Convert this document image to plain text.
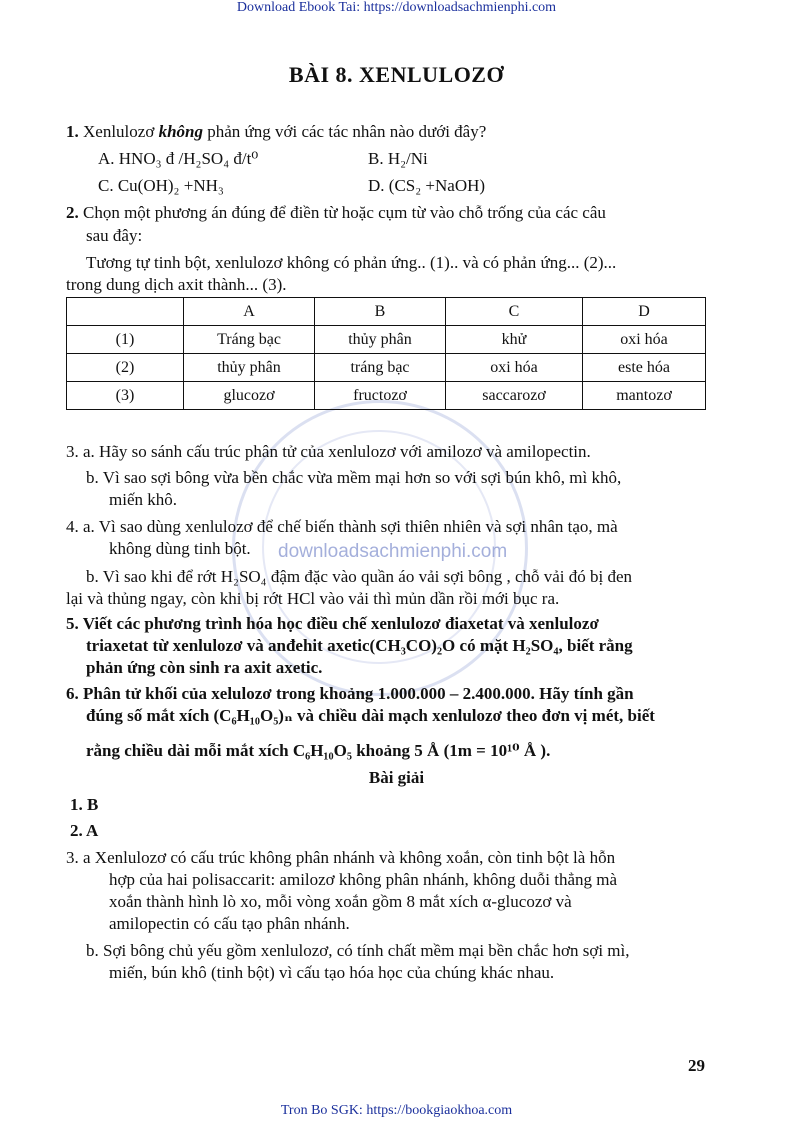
Download Ebook Tai: https://downloadsachmienphi.com
downloadsachmienphi.com
BÀI 8. XENLULOZƠ
1. Xenlulozơ không phản ứng với các tác nhân nào dưới đây?
A. HNO₃ đ /H₂SO₄ đ/t⁰	B. H₂/Ni
C. Cu(OH)₂ +NH₃	D. (CS₂ +NaOH)
2. Chọn một phương án đúng để điền từ hoặc cụm từ vào chỗ trống của các câu
sau đây:
Tương tự tinh bột, xenlulozơ không có phản ứng.. (1).. và có phản ứng... (2)...
trong dung dịch axit thành... (3).
	A	B	C	D
(1)	Tráng bạc	thủy phân	khử	oxi hóa
(2)	thủy phân	tráng bạc	oxi hóa	este hóa
(3)	glucozơ	fructozơ	saccarozơ	mantozơ
3. a. Hãy so sánh cấu trúc phân tử của xenlulozơ với amilozơ và amilopectin.
b. Vì sao sợi bông vừa bền chắc vừa mềm mại hơn so với sợi bún khô, mì khô,
miến khô.
4. a. Vì sao dùng xenlulozơ để chế biến thành sợi thiên nhiên và sợi nhân tạo, mà
không dùng tinh bột.
b. Vì sao khi để rớt H₂SO₄ đậm đặc vào quần áo vải sợi bông , chỗ vải đó bị đen
lại và thủng ngay, còn khi bị rớt HCl vào vải thì mủn dần rồi mới bục ra.
5. Viết các phương trình hóa học điều chế xenlulozơ điaxetat và xenlulozơ
triaxetat từ xenlulozơ và anđehit axetic(CH₃CO)₂O có mặt H₂SO₄, biết rằng
phản ứng còn sinh ra axit axetic.
6. Phân tử khối của xelulozơ trong khoảng 1.000.000 – 2.400.000. Hãy tính gần
đúng số mắt xích (C₆H₁₀O₅)ₙ và chiều dài mạch xenlulozơ theo đơn vị mét, biết
rằng chiều dài mỗi mắt xích C₆H₁₀O₅ khoảng 5 Å (1m = 10¹⁰ Å ).
Bài giải
1. B
2. A
3. a Xenlulozơ có cấu trúc không phân nhánh và không xoắn, còn tinh bột là hỗn
hợp của hai polisaccarit: amilozơ không phân nhánh, không duỗi thẳng mà
xoắn thành hình lò xo, mỗi vòng xoắn gồm 8 mắt xích α-glucozơ và
amilopectin có cấu tạo phân nhánh.
b. Sợi bông chủ yếu gồm xenlulozơ, có tính chất mềm mại bền chắc hơn sợi mì,
miến, bún khô (tinh bột) vì cấu tạo hóa học của chúng khác nhau.
29
Tron Bo SGK: https://bookgiaokhoa.com
